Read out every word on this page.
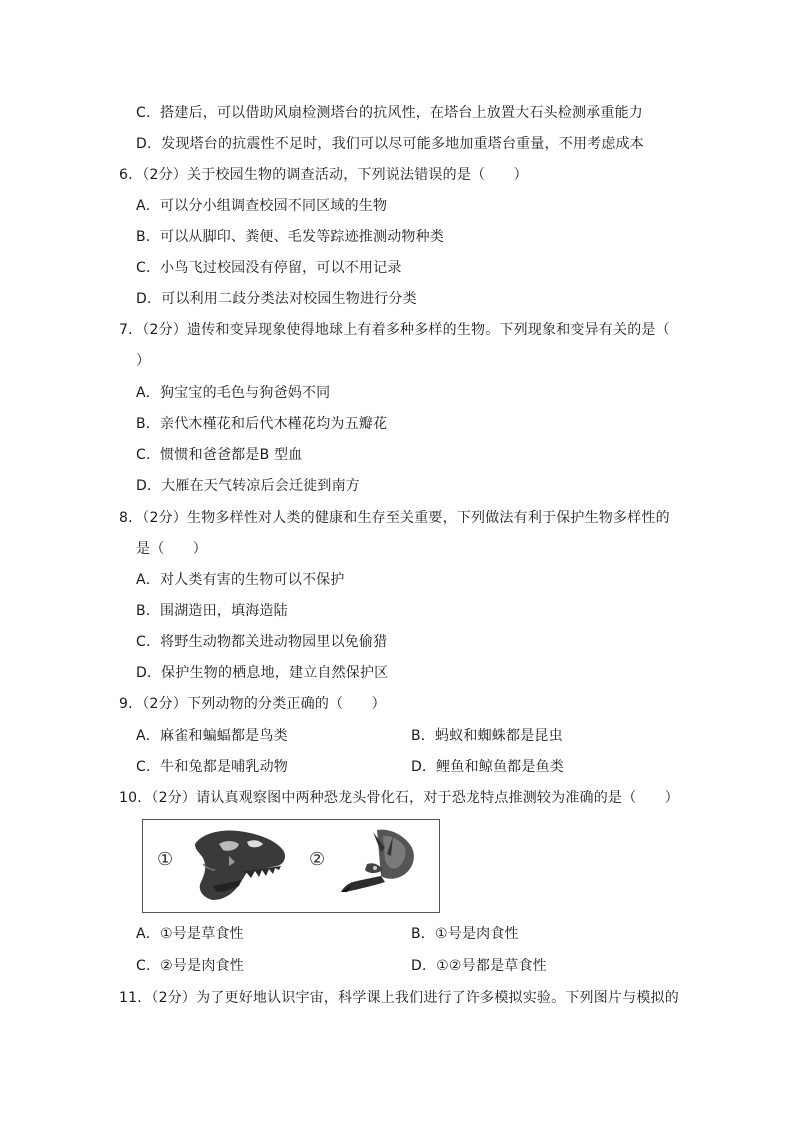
C．搭建后，可以借助风扇检测塔台的抗风性，在塔台上放置大石头检测承重能力
D．发现塔台的抗震性不足时，我们可以尽可能多地加重塔台重量，不用考虑成本
6．（2分）关于校园生物的调查活动，下列说法错误的是（　　）
A．可以分小组调查校园不同区域的生物
B．可以从脚印、粪便、毛发等踪迹推测动物种类
C．小鸟飞过校园没有停留，可以不用记录
D．可以利用二歧分类法对校园生物进行分类
7．（2分）遗传和变异现象使得地球上有着多种多样的生物。下列现象和变异有关的是（
）
A．狗宝宝的毛色与狗爸妈不同
B．亲代木槿花和后代木槿花均为五瓣花
C．惯惯和爸爸都是B 型血
D．大雁在天气转凉后会迁徙到南方
8．（2分）生物多样性对人类的健康和生存至关重要，下列做法有利于保护生物多样性的
是（　　）
A．对人类有害的生物可以不保护
B．围湖造田，填海造陆
C．将野生动物都关进动物园里以免偷猎
D．保护生物的栖息地，建立自然保护区
9．（2分）下列动物的分类正确的（　　）
A．麻雀和蝙蝠都是鸟类	B．蚂蚁和蜘蛛都是昆虫
C．牛和兔都是哺乳动物	D．鲤鱼和鲸鱼都是鱼类
10．（2分）请认真观察图中两种恐龙头骨化石，对于恐龙特点推测较为准确的是（　　）
①	②
A．①号是草食性	B．①号是肉食性
C．②号是肉食性	D．①②号都是草食性
11．（2分）为了更好地认识宇宙，科学课上我们进行了许多模拟实验。下列图片与模拟的
